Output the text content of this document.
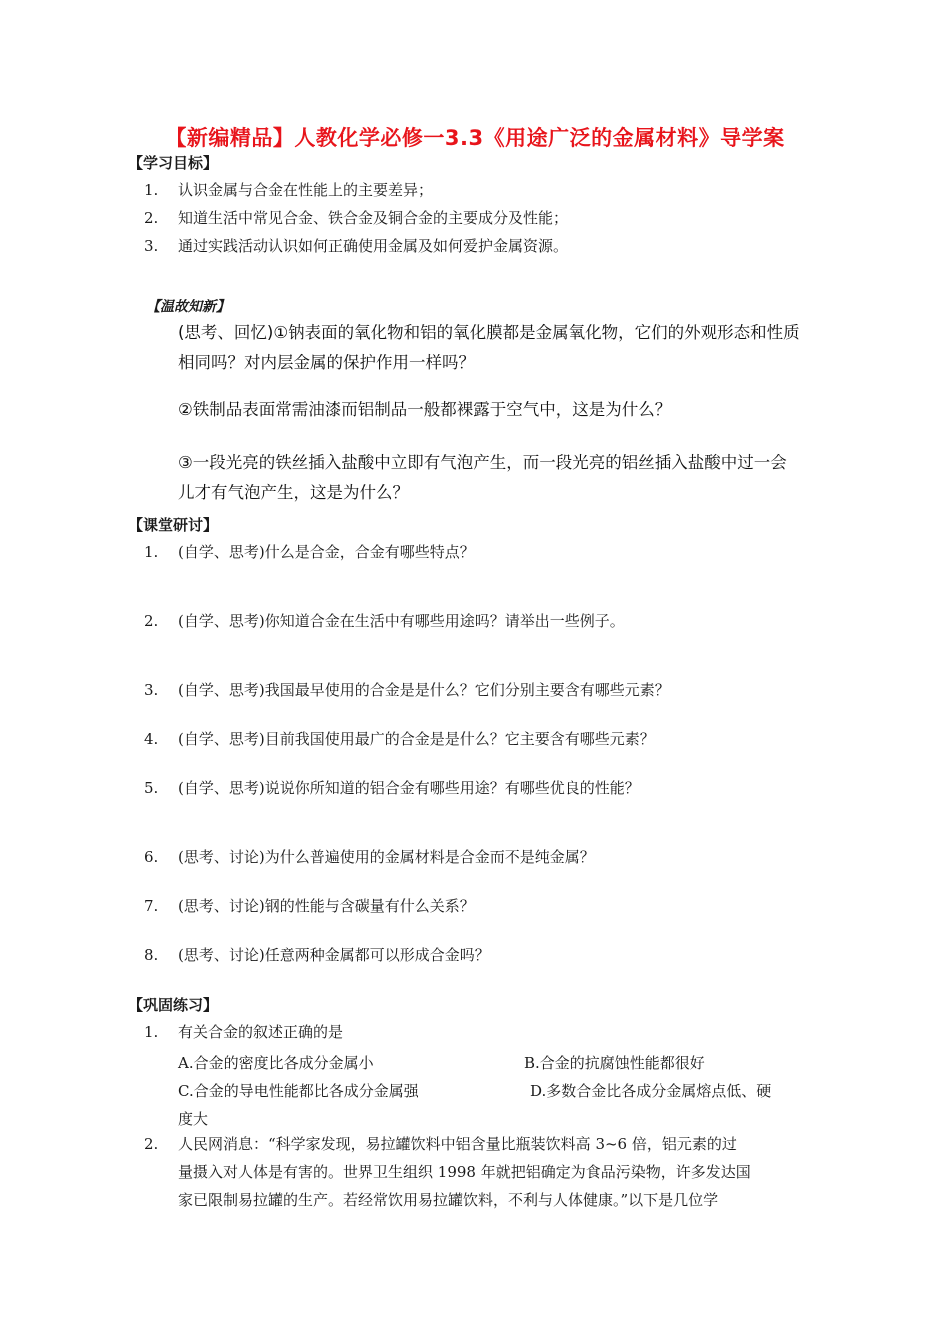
【新编精品】人教化学必修一3.3《用途广泛的金属材料》导学案
【学习目标】
1. 认识金属与合金在性能上的主要差异；
2. 知道生活中常见合金、铁合金及铜合金的主要成分及性能；
3. 通过实践活动认识如何正确使用金属及如何爱护金属资源。
【温故知新】
(思考、回忆)①钠表面的氧化物和铝的氧化膜都是金属氧化物，它们的外观形态和性质
相同吗？对内层金属的保护作用一样吗？
②铁制品表面常需油漆而铝制品一般都裸露于空气中，这是为什么？
③一段光亮的铁丝插入盐酸中立即有气泡产生，而一段光亮的铝丝插入盐酸中过一会
儿才有气泡产生，这是为什么？
【课堂研讨】
1. (自学、思考)什么是合金，合金有哪些特点？
2. (自学、思考)你知道合金在生活中有哪些用途吗？请举出一些例子。
3. (自学、思考)我国最早使用的合金是是什么？它们分别主要含有哪些元素？
4. (自学、思考)目前我国使用最广的合金是是什么？它主要含有哪些元素？
5. (自学、思考)说说你所知道的铝合金有哪些用途？有哪些优良的性能？
6. (思考、讨论)为什么普遍使用的金属材料是合金而不是纯金属？
7. (思考、讨论)钢的性能与含碳量有什么关系？
8. (思考、讨论)任意两种金属都可以形成合金吗？
【巩固练习】
1. 有关合金的叙述正确的是
A.合金的密度比各成分金属小	B.合金的抗腐蚀性能都很好
C.合金的导电性能都比各成分金属强	D.多数合金比各成分金属熔点低、硬
度大
2.	人民网消息：“科学家发现，易拉罐饮料中铝含量比瓶装饮料高 3~6 倍，铝元素的过
量摄入对人体是有害的。世界卫生组织 1998 年就把铝确定为食品污染物，许多发达国
家已限制易拉罐的生产。若经常饮用易拉罐饮料，不利与人体健康。”以下是几位学
